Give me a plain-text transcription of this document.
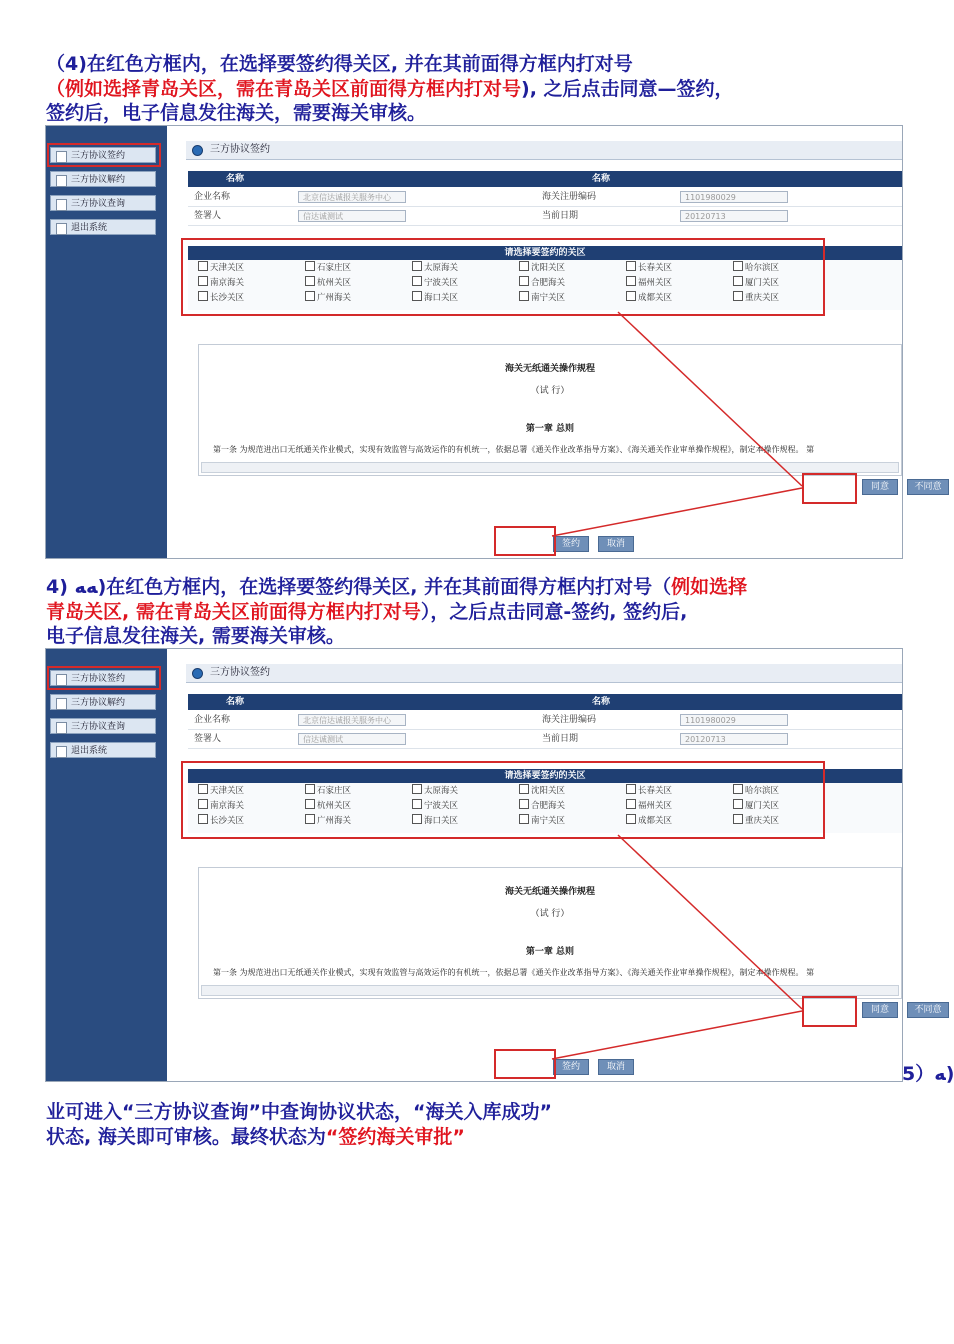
（4)在红色方框内，在选择要签约得关区, 并在其前面得方框内打对号
（例如选择青岛关区，需在青岛关区前面得方框内打对号), 之后点击同意—签约，
签约后，电子信息发往海关，需要海关审核。
三方协议签约
三方协议解约
三方协议查询
退出系统
三方协议签约
名称	名称
企业名称	北京信达诚报关服务中心	海关注册编码	1101980029
签署人	信达诚测试	当前日期	20120713
请选择要签约的关区
天津关区	石家庄区	太原海关	沈阳关区	长春关区	哈尔滨区
南京海关	杭州关区	宁波关区	合肥海关	福州关区	厦门关区
长沙关区	广州海关	海口关区	南宁关区	成都关区	重庆关区
海关无纸通关操作规程
（试 行）
第一章 总则
第一条 为规范进出口无纸通关作业模式，实现有效监管与高效运作的有机统一，依据总署《通关作业改革指导方案》、《海关通关作业审单操作规程》，制定本操作规程。 第
同意	不同意
签约	取消
4) ﻿ﻪﻪ)在红色方框内，在选择要签约得关区, 并在其前面得方框内打对号（例如选择
青岛关区, 需在青岛关区前面得方框内打对号），之后点击同意-签约, 签约后,
电子信息发往海关, 需要海关审核。
三方协议签约
三方协议解约
三方协议查询
退出系统
三方协议签约
名称	名称
企业名称	北京信达诚报关服务中心	海关注册编码	1101980029
签署人	信达诚测试	当前日期	20120713
请选择要签约的关区
天津关区	石家庄区	太原海关	沈阳关区	长春关区	哈尔滨区
南京海关	杭州关区	宁波关区	合肥海关	福州关区	厦门关区
长沙关区	广州海关	海口关区	南宁关区	成都关区	重庆关区
海关无纸通关操作规程
（试 行）
第一章 总则
第一条 为规范进出口无纸通关作业模式，实现有效监管与高效运作的有机统一，依据总署《通关作业改革指导方案》、《海关通关作业审单操作规程》，制定本操作规程。 第
同意	不同意
签约	取消	5）ﻪ)
业可进入“三方协议查询”中查询协议状态，“海关入库成功”
状态, 海关即可审核。最终状态为“签约海关审批”
